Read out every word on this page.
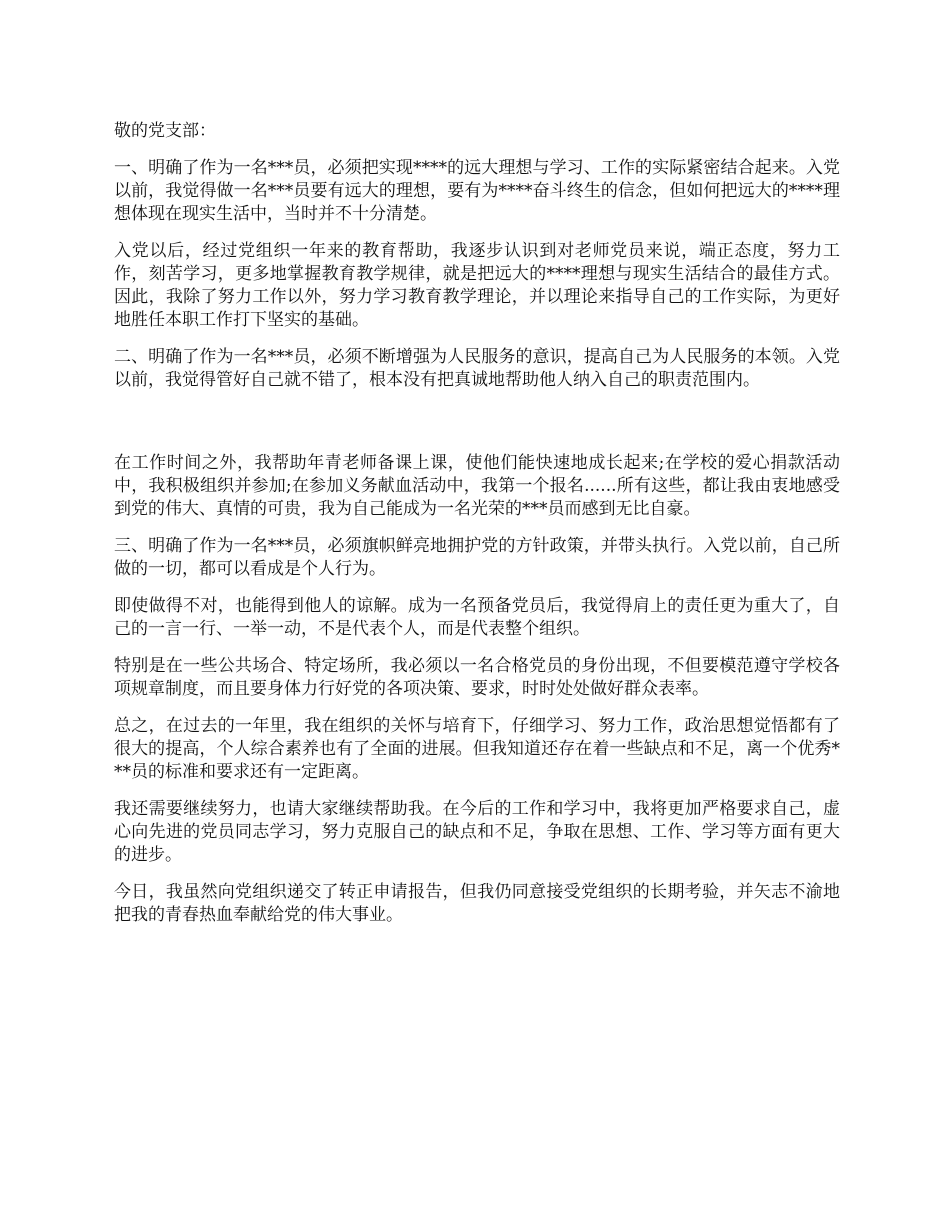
敬的党支部：

一、明确了作为一名***员，必须把实现****的远大理想与学习、工作的实际紧密结合起来。入党以前，我觉得做一名***员要有远大的理想，要有为****奋斗终生的信念，但如何把远大的****理想体现在现实生活中，当时并不十分清楚。

入党以后，经过党组织一年来的教育帮助，我逐步认识到对老师党员来说，端正态度，努力工作，刻苦学习，更多地掌握教育教学规律，就是把远大的****理想与现实生活结合的最佳方式。因此，我除了努力工作以外，努力学习教育教学理论，并以理论来指导自己的工作实际，为更好地胜任本职工作打下坚实的基础。

二、明确了作为一名***员，必须不断增强为人民服务的意识，提高自己为人民服务的本领。入党以前，我觉得管好自己就不错了，根本没有把真诚地帮助他人纳入自己的职责范围内。

在工作时间之外，我帮助年青老师备课上课，使他们能快速地成长起来;在学校的爱心捐款活动中，我积极组织并参加;在参加义务献血活动中，我第一个报名......所有这些，都让我由衷地感受到党的伟大、真情的可贵，我为自己能成为一名光荣的***员而感到无比自豪。

三、明确了作为一名***员，必须旗帜鲜亮地拥护党的方针政策，并带头执行。入党以前，自己所做的一切，都可以看成是个人行为。

即使做得不对，也能得到他人的谅解。成为一名预备党员后，我觉得肩上的责任更为重大了，自己的一言一行、一举一动，不是代表个人，而是代表整个组织。

特别是在一些公共场合、特定场所，我必须以一名合格党员的身份出现，不但要模范遵守学校各项规章制度，而且要身体力行好党的各项决策、要求，时时处处做好群众表率。

总之，在过去的一年里，我在组织的关怀与培育下，仔细学习、努力工作，政治思想觉悟都有了很大的提高，个人综合素养也有了全面的进展。但我知道还存在着一些缺点和不足，离一个优秀***员的标准和要求还有一定距离。

我还需要继续努力，也请大家继续帮助我。在今后的工作和学习中，我将更加严格要求自己，虚心向先进的党员同志学习，努力克服自己的缺点和不足，争取在思想、工作、学习等方面有更大的进步。

今日，我虽然向党组织递交了转正申请报告，但我仍同意接受党组织的长期考验，并矢志不渝地把我的青春热血奉献给党的伟大事业。
